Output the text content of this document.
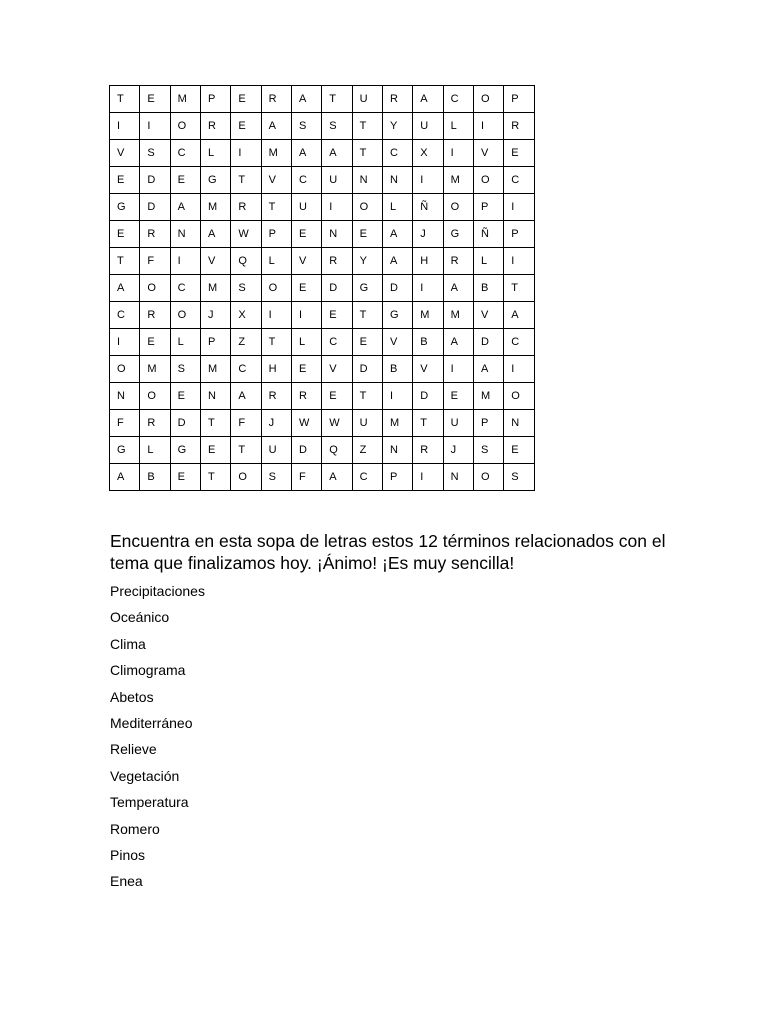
T	E	M	P	E	R	A	T	U	R	A	C	O	P
I	I	O	R	E	A	S	S	T	Y	U	L	I	R
V	S	C	L	I	M	A	A	T	C	X	I	V	E
E	D	E	G	T	V	C	U	N	N	I	M	O	C
G	D	A	M	R	T	U	I	O	L	Ñ	O	P	I
E	R	N	A	W	P	E	N	E	A	J	G	Ñ	P
T	F	I	V	Q	L	V	R	Y	A	H	R	L	I
A	O	C	M	S	O	E	D	G	D	I	A	B	T
C	R	O	J	X	I	I	E	T	G	M	M	V	A
I	E	L	P	Z	T	L	C	E	V	B	A	D	C
O	M	S	M	C	H	E	V	D	B	V	I	A	I
N	O	E	N	A	R	R	E	T	I	D	E	M	O
F	R	D	T	F	J	W	W	U	M	T	U	P	N
G	L	G	E	T	U	D	Q	Z	N	R	J	S	E
A	B	E	T	O	S	F	A	C	P	I	N	O	S

Encuentra en esta sopa de letras estos 12 términos relacionados con el tema que finalizamos hoy. ¡Ánimo! ¡Es muy sencilla!

Precipitaciones
Oceánico
Clima
Climograma
Abetos
Mediterráneo
Relieve
Vegetación
Temperatura
Romero
Pinos
Enea
